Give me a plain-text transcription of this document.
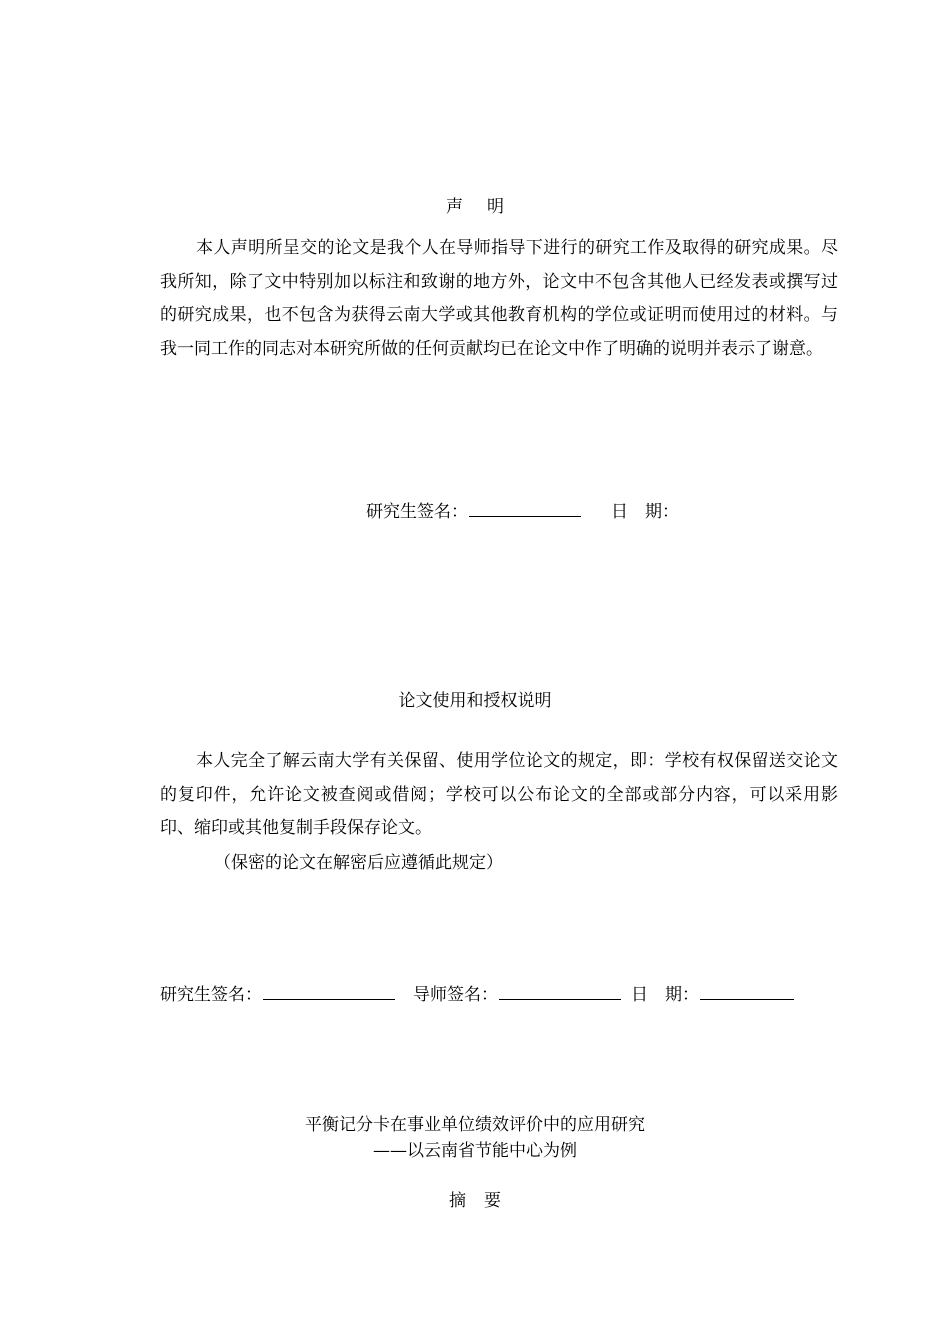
声明

本人声明所呈交的论文是我个人在导师指导下进行的研究工作及取得的研究成果。尽我所知，除了文中特别加以标注和致谢的地方外，论文中不包含其他人已经发表或撰写过的研究成果，也不包含为获得云南大学或其他教育机构的学位或证明而使用过的材料。与我一同工作的同志对本研究所做的任何贡献均已在论文中作了明确的说明并表示了谢意。

研究生签名：	日　期：
论文使用和授权说明

本人完全了解云南大学有关保留、使用学位论文的规定，即：学校有权保留送交论文的复印件，允许论文被查阅或借阅；学校可以公布论文的全部或部分内容，可以采用影印、缩印或其他复制手段保存论文。

（保密的论文在解密后应遵循此规定）
研究生签名：	导师签名：	日　期：
平衡记分卡在事业单位绩效评价中的应用研究
——以云南省节能中心为例
摘要
